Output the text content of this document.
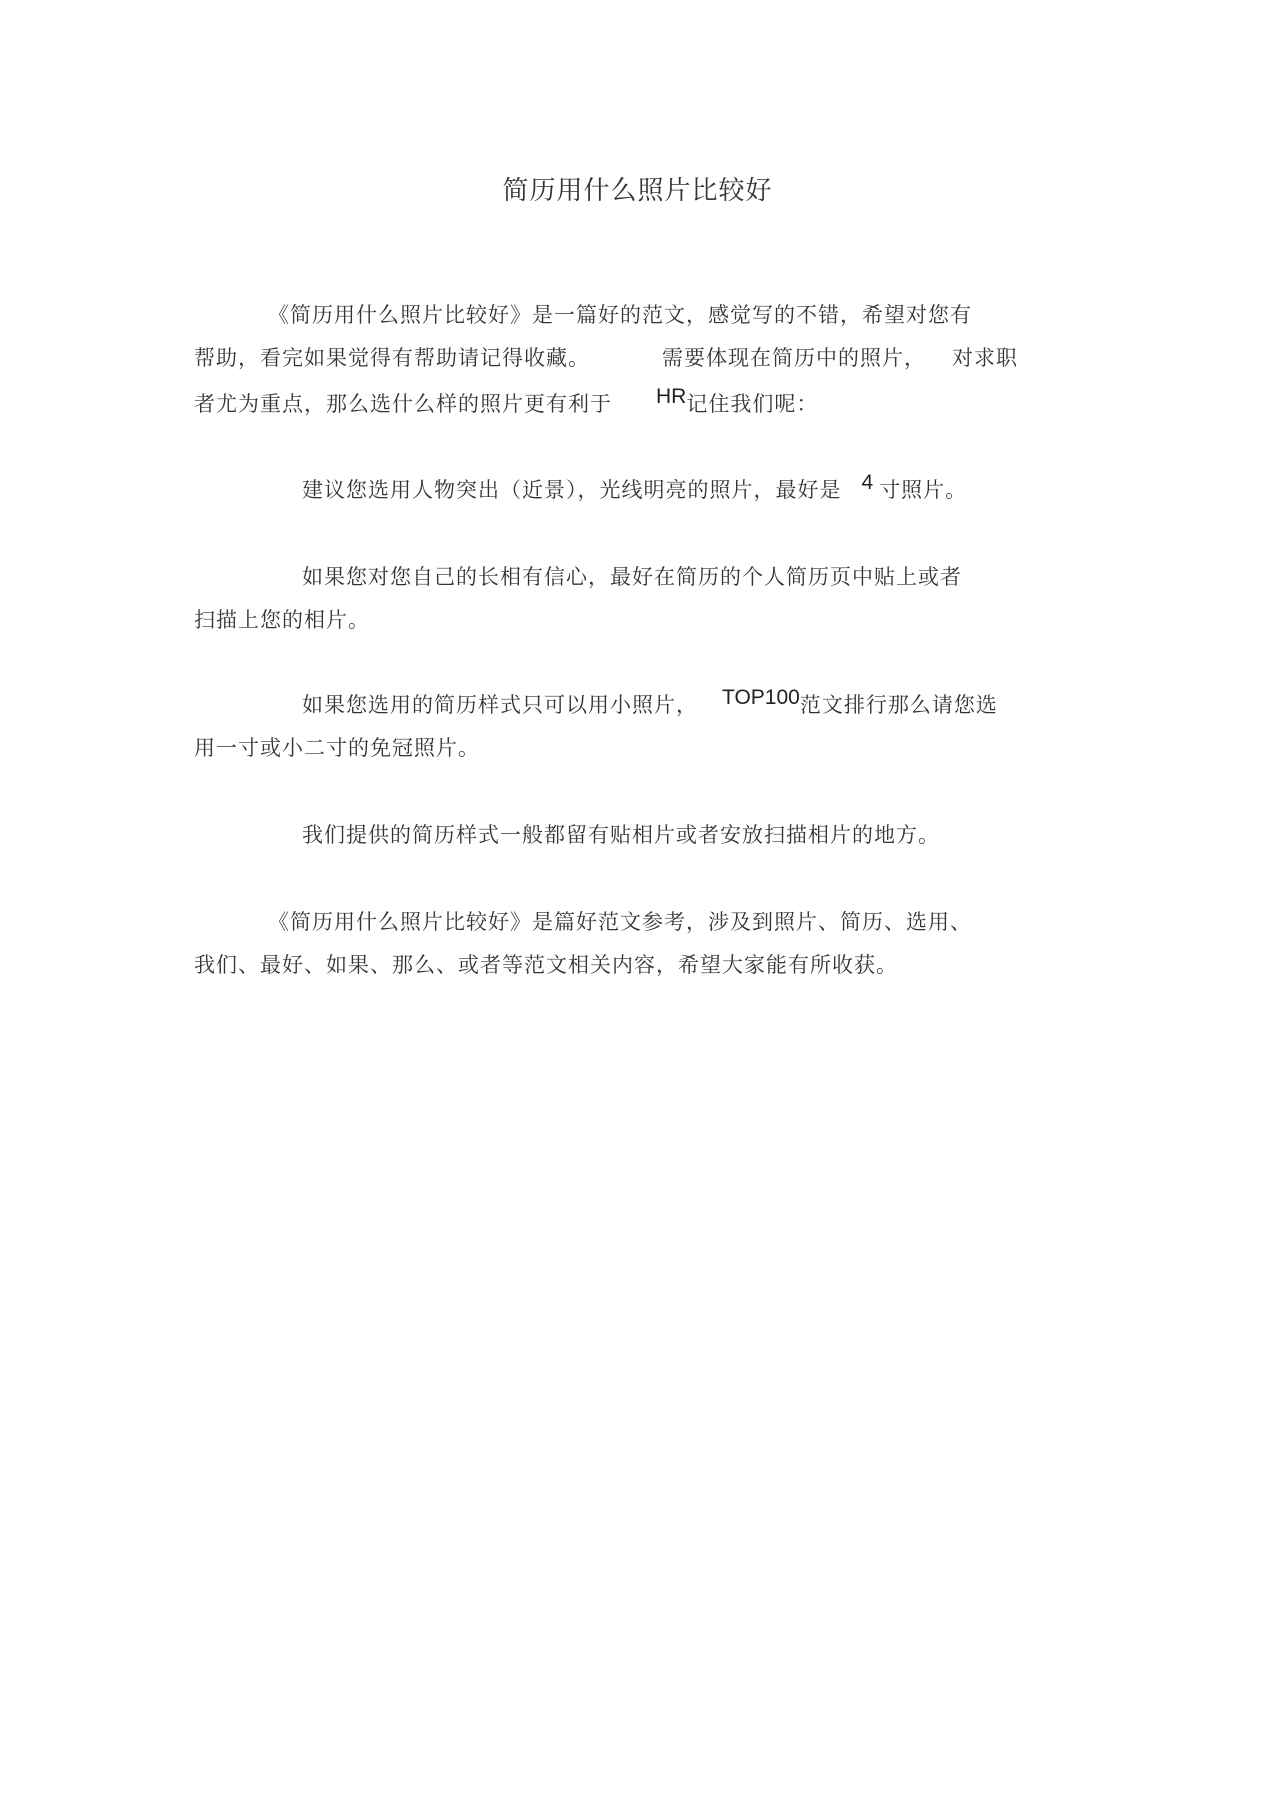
简历用什么照片比较好
《简历用什么照片比较好》是一篇好的范文，感觉写的不错，希望对您有
帮助，看完如果觉得有帮助请记得收藏。	需要体现在简历中的照片， 对求职
者尤为重点，那么选什么样的照片更有利于 HR记住我们呢：
建议您选用人物突出（近景），光线明亮的照片，最好是 4 寸照片。
如果您对您自己的长相有信心，最好在简历的个人简历页中贴上或者
扫描上您的相片。
如果您选用的简历样式只可以用小照片， TOP100范文排行那么请您选
用一寸或小二寸的免冠照片。
我们提供的简历样式一般都留有贴相片或者安放扫描相片的地方。
《简历用什么照片比较好》是篇好范文参考，涉及到照片、简历、选用、
我们、最好、如果、那么、或者等范文相关内容，希望大家能有所收获。
